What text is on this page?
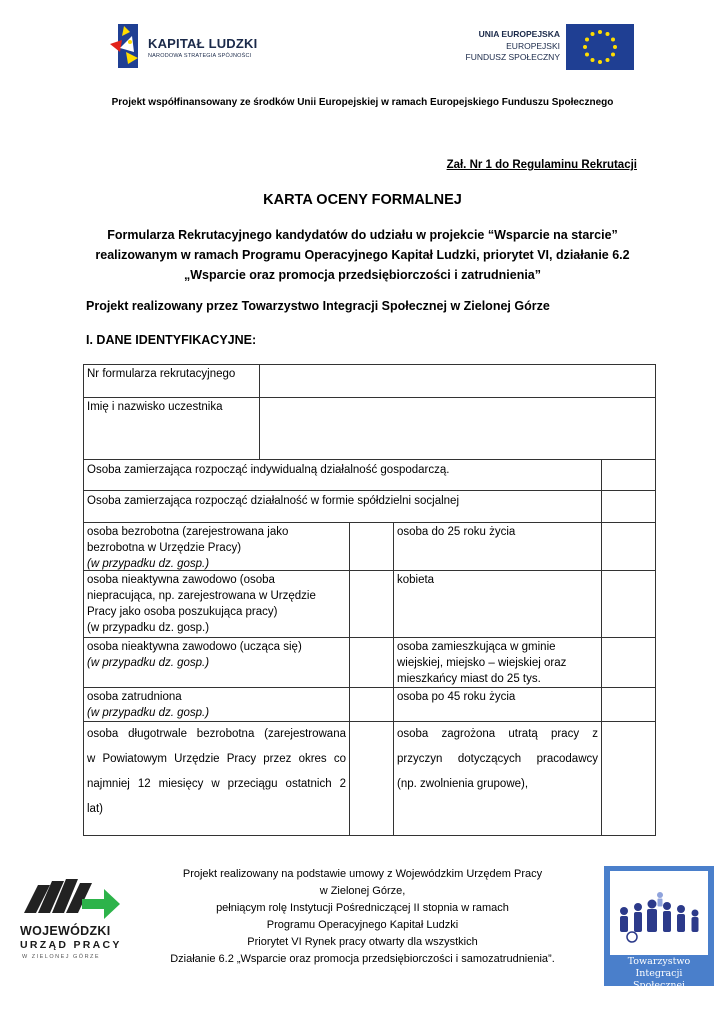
KAPITAŁ LUDZKI
NARODOWA STRATEGIA SPÓJNOŚCI
UNIA EUROPEJSKA
EUROPEJSKI
FUNDUSZ SPOŁECZNY
Projekt współfinansowany ze środków Unii Europejskiej w ramach Europejskiego Funduszu Społecznego
Zał. Nr 1 do Regulaminu Rekrutacji
KARTA OCENY FORMALNEJ
Formularza Rekrutacyjnego kandydatów do udziału w projekcie “Wsparcie na starcie”
realizowanym w ramach Programu Operacyjnego Kapitał Ludzki, priorytet VI, działanie 6.2
„Wsparcie oraz promocja przedsiębiorczości i zatrudnienia”
Projekt realizowany przez Towarzystwo Integracji Społecznej w Zielonej Górze
I. DANE IDENTYFIKACYJNE:
Nr formularza rekrutacyjnego
Imię i nazwisko uczestnika
Osoba zamierzająca rozpocząć indywidualną działalność gospodarczą.
Osoba zamierzająca rozpocząć działalność w formie spółdzielni socjalnej
osoba bezrobotna (zarejestrowana jako
bezrobotna w Urzędzie Pracy)
(w przypadku dz. gosp.)
osoba do 25 roku życia
osoba nieaktywna zawodowo (osoba
niepracująca, np. zarejestrowana w Urzędzie
Pracy jako osoba poszukująca pracy)
(w przypadku dz. gosp.)
kobieta
osoba nieaktywna zawodowo (ucząca się)
(w przypadku dz. gosp.)
osoba zamieszkująca w gminie
wiejskiej, miejsko – wiejskiej oraz
mieszkańcy miast do 25 tys.
osoba zatrudniona
(w przypadku dz. gosp.)
osoba po 45 roku życia

osoba długotrwale bezrobotna (zarejestrowana

w Powiatowym Urzędzie Pracy przez okres co

najmniej 12 miesięcy w przeciągu ostatnich 2

lat)

osoba zagrożona utratą pracy z

przyczyn dotyczących pracodawcy

(np. zwolnienia grupowe),

WOJEWÓDZKI
URZĄD PRACY
W ZIELONEJ GÓRZE
Projekt realizowany na podstawie umowy z Wojewódzkim Urzędem Pracy
w Zielonej Górze,
pełniącym rolę Instytucji Pośredniczącej II stopnia w ramach
Programu Operacyjnego Kapitał Ludzki
Priorytet VI Rynek pracy otwarty dla wszystkich
Działanie 6.2 „Wsparcie oraz promocja przedsiębiorczości i samozatrudnienia”.	Towarzystwo Integracji
Społecznej
